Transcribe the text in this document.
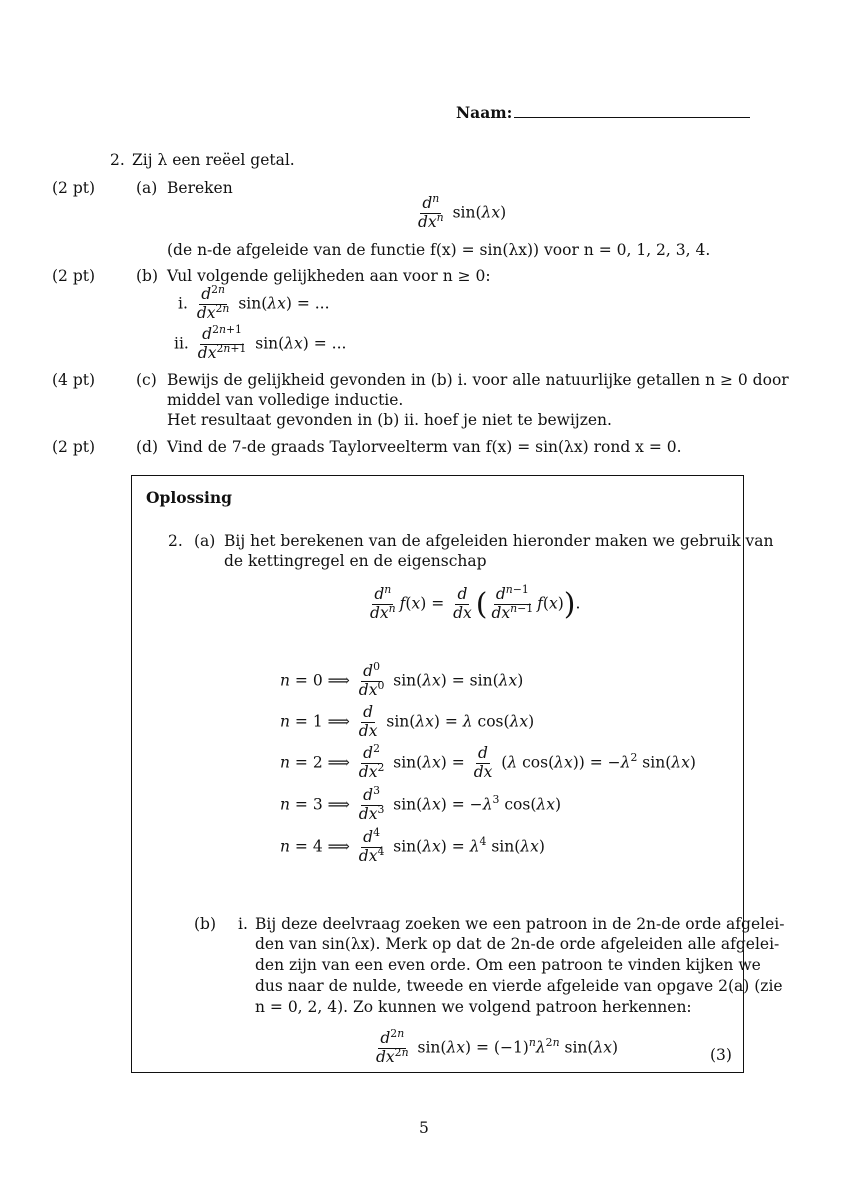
Naam:
2. Zij λ een reëel getal.
(2 pt)	(a) Bereken
$\frac{d^n}{dx^n} \sin(\lambda x)$
(de n-de afgeleide van de functie f(x) = sin(λx)) voor n = 0, 1, 2, 3, 4.
(2 pt)	(b) Vul volgende gelijkheden aan voor n ≥ 0:
i. $\frac{d^{2n}}{dx^{2n}} \sin(\lambda x)$ = ...
ii. $\frac{d^{2n+1}}{dx^{2n+1}} \sin(\lambda x)$ = ...
(4 pt)	(c) Bewijs de gelijkheid gevonden in (b) i. voor alle natuurlijke getallen n ≥ 0 door
middel van volledige inductie.
Het resultaat gevonden in (b) ii. hoef je niet te bewijzen.
(2 pt)	(d) Vind de 7-de graads Taylorveelterm van f(x) = sin(λx) rond x = 0.
Oplossing
2. (a) Bij het berekenen van de afgeleiden hieronder maken we gebruik van
de kettingregel en de eigenschap
$\frac{d^n}{dx^n} f(x) = \frac{d}{dx}$ ( $\frac{d^{n-1}}{dx^{n-1}} f(x)$).
n = 0 ⟹ $\frac{d^0}{dx^0} \sin(\lambda x) = \sin(\lambda x)$
n = 1 ⟹ $\frac{d}{dx} \sin(\lambda x) = \lambda$ cos(λx)
n = 2 ⟹ $\frac{d^2}{dx^2} \sin(\lambda x) = \frac{d}{dx} (\lambda$ $\cos(\lambda x)) = -\lambda^2$ sin(λx)
n = 3 ⟹ $\frac{d^3}{dx^3} \sin(\lambda x) = -\lambda^3$ cos(λx)
n = 4 ⟹ $\frac{d^4}{dx^4} \sin(\lambda x) = \lambda^4$ sin(λx)
(b) i. Bij deze deelvraag zoeken we een patroon in de 2n-de orde afgelei-
den van sin(λx). Merk op dat de 2n-de orde afgeleiden alle afgelei-
den zijn van een even orde. Om een patroon te vinden kijken we
dus naar de nulde, tweede en vierde afgeleide van opgave 2(a) (zie
n = 0, 2, 4). Zo kunnen we volgend patroon herkennen:
$\frac{d^{2n}}{dx^{2n}} \sin(\lambda x) = (-1)^n\lambda^{2n}$ sin(λx)	(3)
5
